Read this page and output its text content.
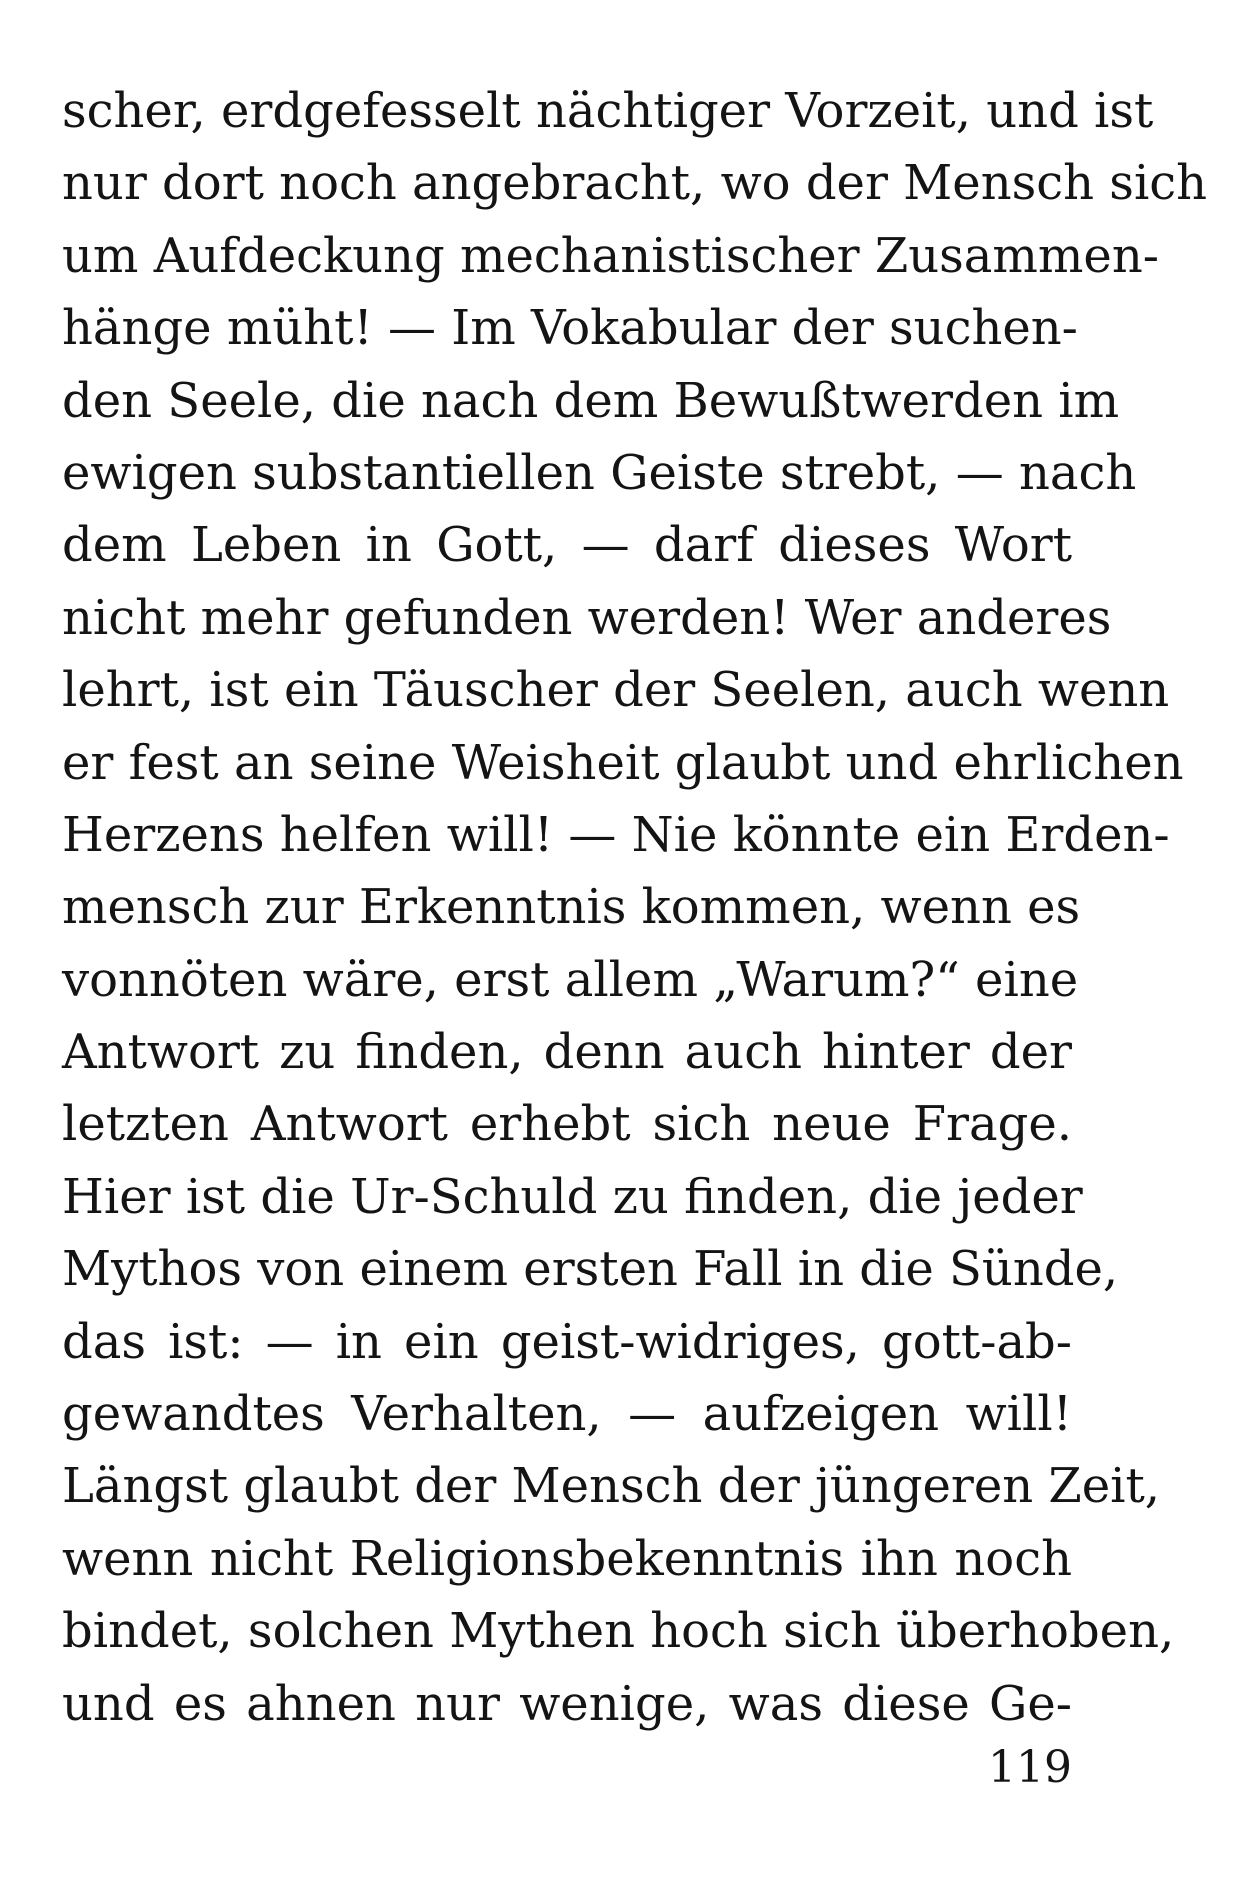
scher, erdgefesselt nächtiger Vorzeit, und ist
nur dort noch angebracht, wo der Mensch sich
um Aufdeckung mechanistischer Zusammen-
hänge müht! — Im Vokabular der suchen-
den Seele, die nach dem Bewußtwerden im
ewigen substantiellen Geiste strebt, — nach
dem Leben in Gott, — darf dieses Wort
nicht mehr gefunden werden! Wer anderes
lehrt, ist ein Täuscher der Seelen, auch wenn
er fest an seine Weisheit glaubt und ehrlichen
Herzens helfen will! — Nie könnte ein Erden-
mensch zur Erkenntnis kommen, wenn es
vonnöten wäre, erst allem „Warum?“ eine
Antwort zu finden, denn auch hinter der
letzten Antwort erhebt sich neue Frage.
Hier ist die Ur-Schuld zu finden, die jeder
Mythos von einem ersten Fall in die Sünde,
das ist: — in ein geist-widriges, gott-ab-
gewandtes Verhalten, — aufzeigen will!
Längst glaubt der Mensch der jüngeren Zeit,
wenn nicht Religionsbekenntnis ihn noch
bindet, solchen Mythen hoch sich überhoben,
und es ahnen nur wenige, was diese Ge-
119
